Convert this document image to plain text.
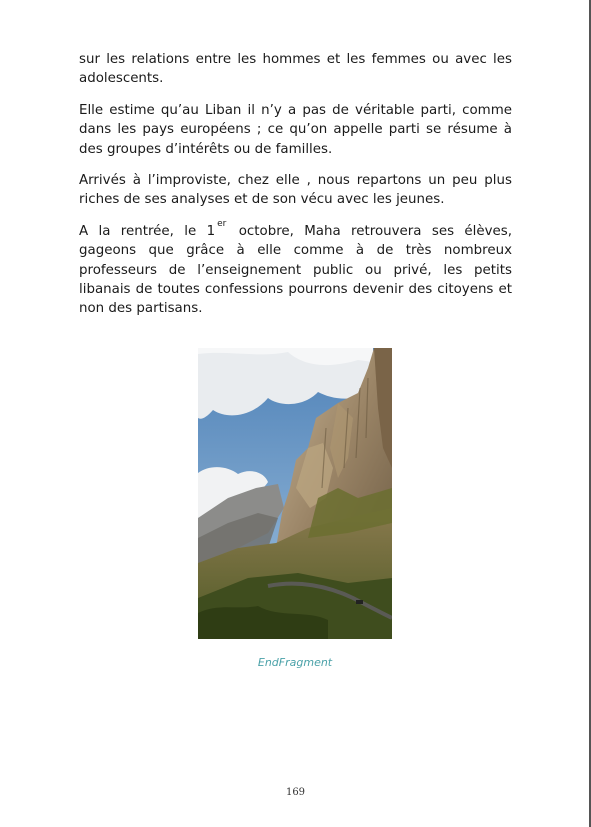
sur les relations entre les hommes et les femmes ou avec les adolescents.

Elle estime qu’au Liban il n’y a pas de véritable parti, comme dans les pays européens ; ce qu’on appelle parti se résume à des groupes d’intérêts ou de familles.

Arrivés à l’improviste, chez elle , nous repartons un peu plus riches de ses analyses et de son vécu avec les jeunes.

A la rentrée, le 1 $^{er}$ octobre, Maha retrouvera ses élèves, gageons que grâce à elle comme à de très nombreux professeurs de l’enseignement public ou privé, les petits libanais de toutes confessions pourrons devenir des citoyens et non des partisans.

EndFragment
169
